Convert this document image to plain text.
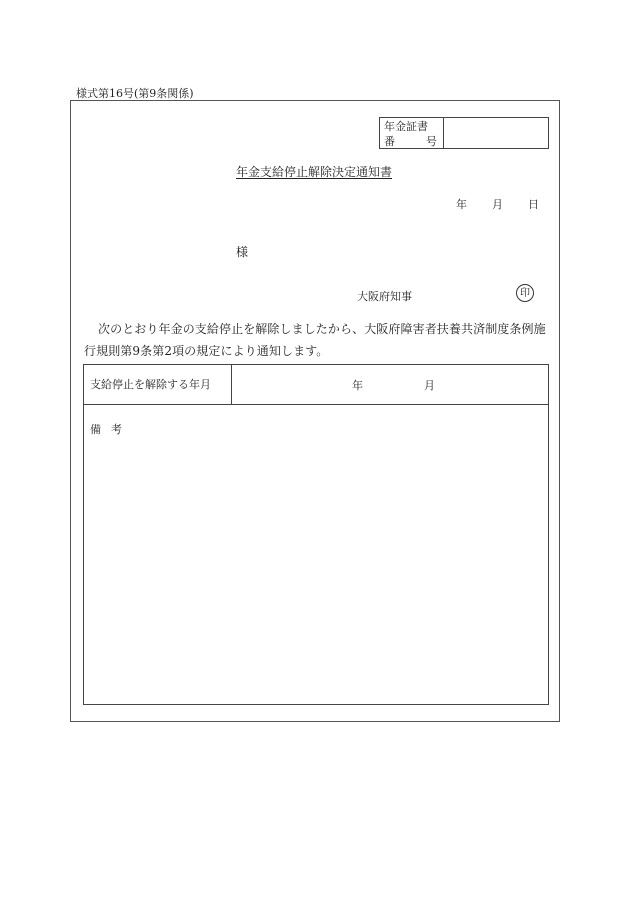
様式第16号(第9条関係)
年金証書
番	号
年金支給停止解除決定通知書
年 月 日
様
大阪府知事	印
次のとおり年金の支給停止を解除しましたから、大阪府障害者扶養共済制度条例施
行規則第9条第2項の規定により通知します。
支給停止を解除する年月	年	月
備考
